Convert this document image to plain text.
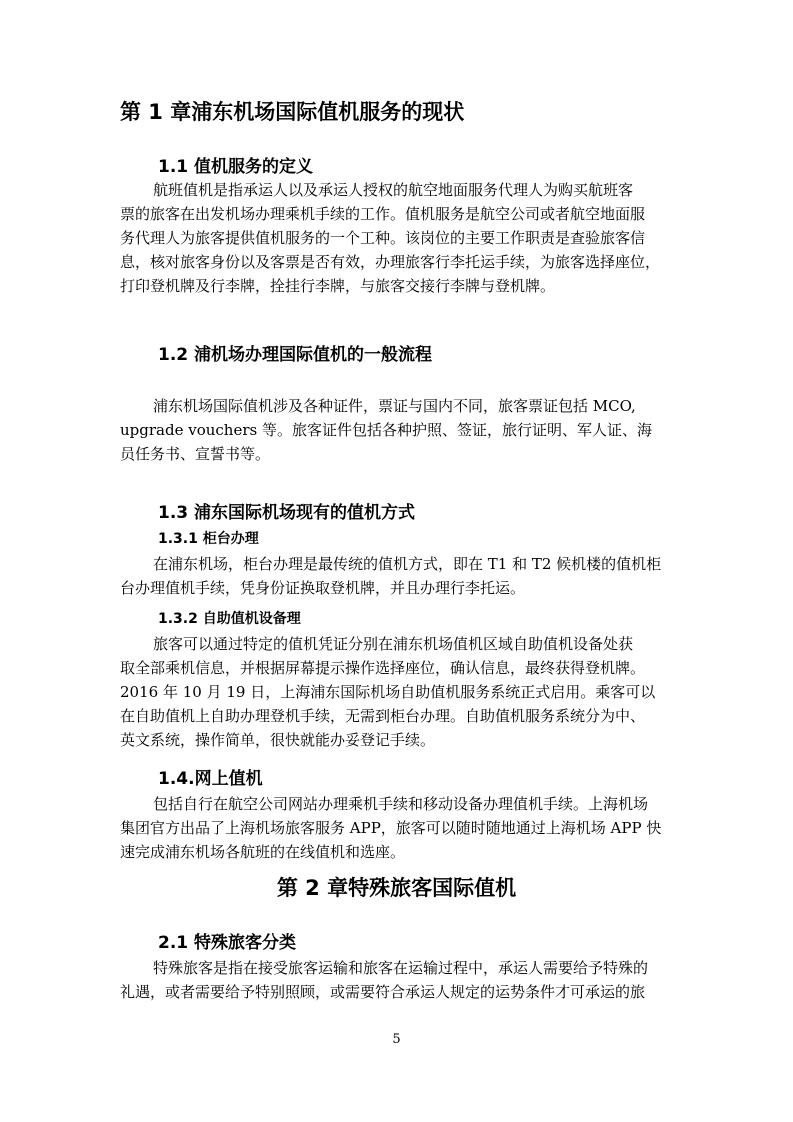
第 1 章浦东机场国际值机服务的现状
1.1 值机服务的定义
航班值机是指承运人以及承运人授权的航空地面服务代理人为购买航班客
票的旅客在出发机场办理乘机手续的工作。值机服务是航空公司或者航空地面服
务代理人为旅客提供值机服务的一个工种。该岗位的主要工作职责是查验旅客信
息，核对旅客身份以及客票是否有效，办理旅客行李托运手续，为旅客选择座位，
打印登机牌及行李牌，拴挂行李牌，与旅客交接行李牌与登机牌。
1.2 浦机场办理国际值机的一般流程
浦东机场国际值机涉及各种证件，票证与国内不同，旅客票证包括 MCO,
upgrade vouchers 等。旅客证件包括各种护照、签证，旅行证明、军人证、海
员任务书、宣誓书等。
1.3 浦东国际机场现有的值机方式
1.3.1 柜台办理
在浦东机场，柜台办理是最传统的值机方式，即在 T1 和 T2 候机楼的值机柜
台办理值机手续，凭身份证换取登机牌，并且办理行李托运。
1.3.2 自助值机设备理
旅客可以通过特定的值机凭证分别在浦东机场值机区域自助值机设备处获
取全部乘机信息，并根据屏幕提示操作选择座位，确认信息，最终获得登机牌。
2016 年 10 月 19 日，上海浦东国际机场自助值机服务系统正式启用。乘客可以
在自助值机上自助办理登机手续，无需到柜台办理。自助值机服务系统分为中、
英文系统，操作简单，很快就能办妥登记手续。
1.4.网上值机
包括自行在航空公司网站办理乘机手续和移动设备办理值机手续。上海机场
集团官方出品了上海机场旅客服务 APP，旅客可以随时随地通过上海机场 APP 快
速完成浦东机场各航班的在线值机和选座。
第 2 章特殊旅客国际值机
2.1 特殊旅客分类
特殊旅客是指在接受旅客运输和旅客在运输过程中，承运人需要给予特殊的
礼遇，或者需要给予特别照顾，或需要符合承运人规定的运势条件才可承运的旅
5
